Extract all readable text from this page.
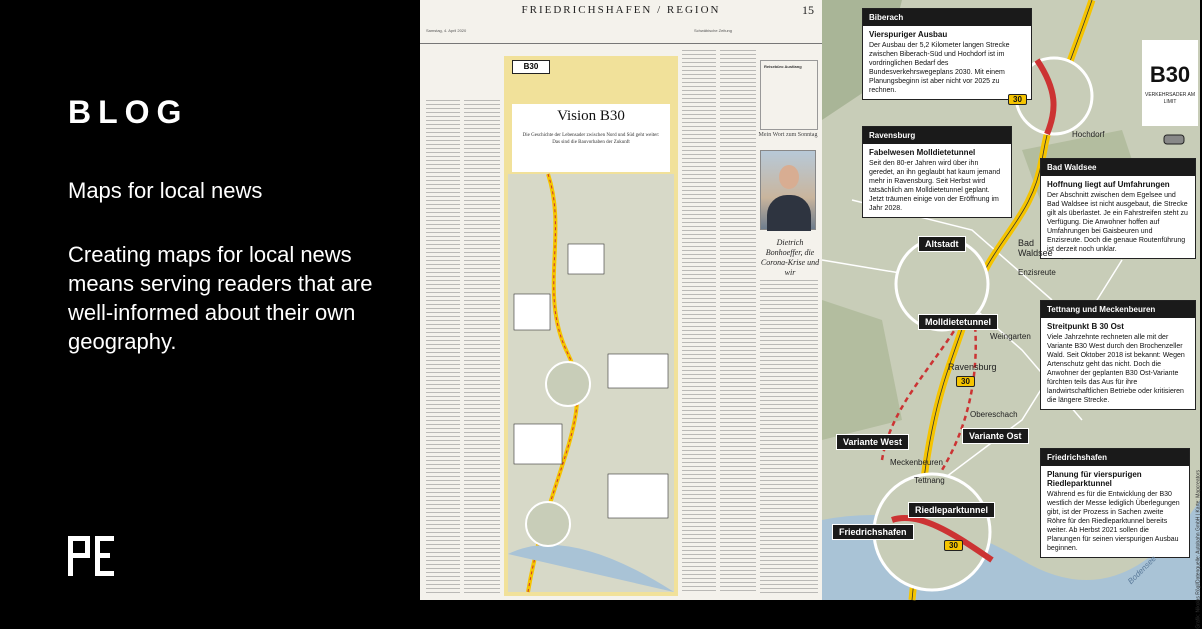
BLOG
Maps for local news
Creating maps for local news means serving readers that are well-informed about their own geography.
FRIEDRICHSHAFEN / REGION	15
Samstag, 4. April 2020	Schwäbische Zeitung
B30
Vision B30
Die Geschichte der Lebensader zwischen Nord und Süd geht weiter: Das sind die Bauvorhaben der Zukunft
Reisebüro Austlang
Mein Wort zum Sonntag
Dietrich Bonhoeffer, die Corona-Krise und wir
B30
VERKEHRSADER AM LIMIT
Biberach
Vierspuriger Ausbau
Der Ausbau der 5,2 Kilometer langen Strecke zwischen Biberach-Süd und Hochdorf ist im vordringlichen Bedarf des Bundesverkehrswegeplans 2030. Mit einem Planungsbeginn ist aber nicht vor 2025 zu rechnen.
Ravensburg
Fabelwesen Molldietetunnel
Seit den 80-er Jahren wird über ihn geredet, an ihn geglaubt hat kaum jemand mehr in Ravensburg. Seit Herbst wird tatsächlich am Molldietetunnel geplant. Jetzt träumen einige von der Eröffnung im Jahr 2028.
Bad Waldsee
Hoffnung liegt auf Umfahrungen
Der Abschnitt zwischen dem Egelsee und Bad Waldsee ist nicht ausgebaut, die Strecke gilt als überlastet. Je ein Fahrstreifen steht zu Verfügung. Die Anwohner hoffen auf Umfahrungen bei Gaisbeuren und Enzisreute. Doch die genaue Routenführung ist derzeit noch unklar.
Tettnang und Meckenbeuren
Streitpunkt B 30 Ost
Viele Jahrzehnte rechneten alle mit der Variante B30 West durch den Brochenzeller Wald. Seit Oktober 2018 ist bekannt: Wegen Artenschutz geht das nicht. Doch die Anwohner der geplanten B30 Ost-Variante fürchten teils das Aus für ihre landwirtschaftlichen Betriebe oder kritisieren die längere Strecke.
Friedrichshafen
Planung für vierspurigen Riedleparktunnel
Während es für die Entwicklung der B30 westlich der Messe lediglich Überlegungen gibt, ist der Prozess in Sachen zweite Röhre für den Riedleparktunnel bereits weiter. Ab Herbst 2021 sollen die Planungen für seinen vierspurigen Ausbau beginnen.
Altstadt
Molldietetunnel
Variante West
Variante Ost
Riedleparktunnel
Friedrichshafen
Hochdorf
Bad Waldsee
Enzisreute
Weingarten
Ravensburg
Obereschach
Meckenbeuren
Tettnang
30
30
30	Grafik: Nikolas Rögl/Datenquelle: Autobahn GmbH | Karte: Mapcreators
